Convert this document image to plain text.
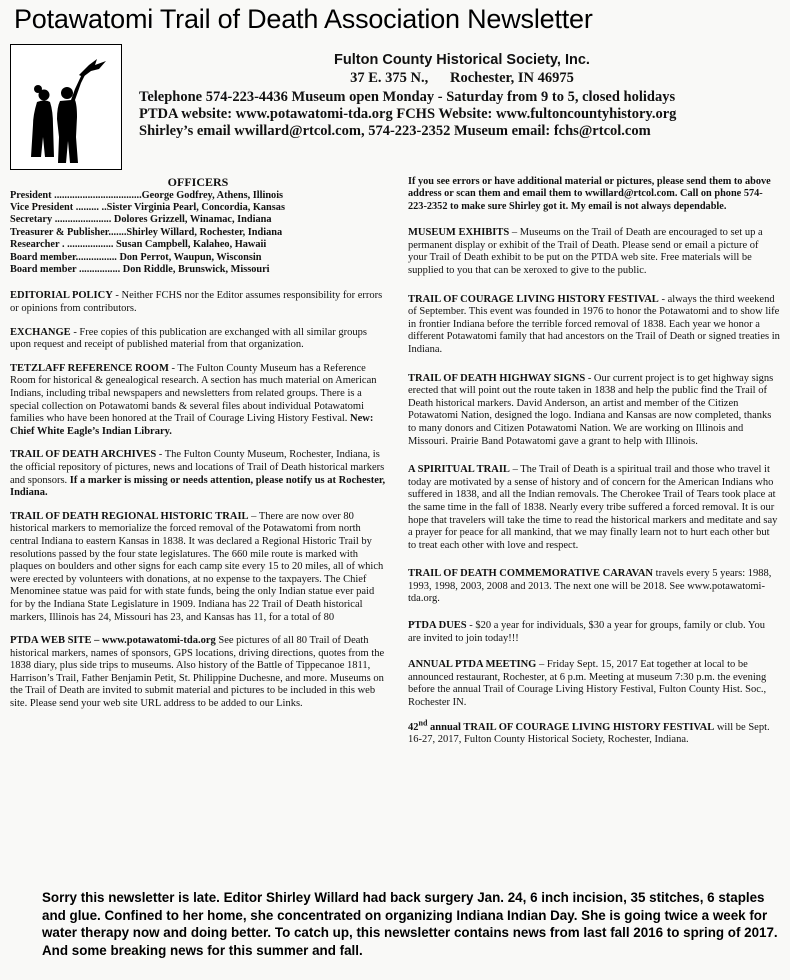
Potawatomi Trail of Death Association Newsletter
Fulton County Historical Society, Inc.
37 E. 375 N., Rochester, IN 46975
Telephone 574-223-4436 Museum open Monday - Saturday from 9 to 5, closed holidays
PTDA website: www.potawatomi-tda.org FCHS Website: www.fultoncountyhistory.org
Shirley’s email wwillard@rtcol.com, 574-223-2352 Museum email: fchs@rtcol.com
OFFICERS
President ..................................George Godfrey, Athens, Illinois
Vice President ......... ..Sister Virginia Pearl, Concordia, Kansas
Secretary ...................... Dolores Grizzell, Winamac, Indiana
Treasurer & Publisher.......Shirley Willard, Rochester, Indiana
Researcher . .................. Susan Campbell, Kalaheo, Hawaii
Board member................ Don Perrot, Waupun, Wisconsin
Board member ................ Don Riddle, Brunswick, Missouri
EDITORIAL POLICY - Neither FCHS nor the Editor assumes responsibility for errors or opinions from contributors.
EXCHANGE - Free copies of this publication are exchanged with all similar groups upon request and receipt of published material from that organization.
TETZLAFF REFERENCE ROOM - The Fulton County Museum has a Reference Room for historical & genealogical research. A section has much material on American Indians, including tribal newspapers and newsletters from related groups. There is a special collection on Potawatomi bands & several files about individual Potawatomi families who have been honored at the Trail of Courage Living History Festival. New: Chief White Eagle’s Indian Library.
TRAIL OF DEATH ARCHIVES - The Fulton County Museum, Rochester, Indiana, is the official repository of pictures, news and locations of Trail of Death historical markers and sponsors. If a marker is missing or needs attention, please notify us at Rochester, Indiana.
TRAIL OF DEATH REGIONAL HISTORIC TRAIL – There are now over 80 historical markers to memorialize the forced removal of the Potawatomi from north central Indiana to eastern Kansas in 1838. It was declared a Regional Historic Trail by resolutions passed by the four state legislatures. The 660 mile route is marked with plaques on boulders and other signs for each camp site every 15 to 20 miles, all of which were erected by volunteers with donations, at no expense to the taxpayers. The Chief Menominee statue was paid for with state funds, being the only Indian statue ever paid for by the Indiana State Legislature in 1909. Indiana has 22 Trail of Death historical markers, Illinois has 24, Missouri has 23, and Kansas has 11, for a total of 80
PTDA WEB SITE – www.potawatomi-tda.org See pictures of all 80 Trail of Death historical markers, names of sponsors, GPS locations, driving directions, quotes from the 1838 diary, plus side trips to museums. Also history of the Battle of Tippecanoe 1811, Harrison’s Trail, Father Benjamin Petit, St. Philippine Duchesne, and more. Museums on the Trail of Death are invited to submit material and pictures to be included in this web site. Please send your web site URL address to be added to our Links.
If you see errors or have additional material or pictures, please send them to above address or scan them and email them to wwillard@rtcol.com. Call on phone 574-223-2352 to make sure Shirley got it. My email is not always dependable.
MUSEUM EXHIBITS – Museums on the Trail of Death are encouraged to set up a permanent display or exhibit of the Trail of Death. Please send or email a picture of your Trail of Death exhibit to be put on the PTDA web site. Free materials will be supplied to you that can be xeroxed to give to the public.
TRAIL OF COURAGE LIVING HISTORY FESTIVAL - always the third weekend of September. This event was founded in 1976 to honor the Potawatomi and to show life in frontier Indiana before the terrible forced removal of 1838. Each year we honor a different Potawatomi family that had ancestors on the Trail of Death or signed treaties in Indiana.
TRAIL OF DEATH HIGHWAY SIGNS - Our current project is to get highway signs erected that will point out the route taken in 1838 and help the public find the Trail of Death historical markers. David Anderson, an artist and member of the Citizen Potawatomi Nation, designed the logo. Indiana and Kansas are now completed, thanks to many donors and Citizen Potawatomi Nation. We are working on Illinois and Missouri. Prairie Band Potawatomi gave a grant to help with Illinois.
A SPIRITUAL TRAIL – The Trail of Death is a spiritual trail and those who travel it today are motivated by a sense of history and of concern for the American Indians who suffered in 1838, and all the Indian removals. The Cherokee Trail of Tears took place at the same time in the fall of 1838. Nearly every tribe suffered a forced removal. It is our hope that travelers will take the time to read the historical markers and meditate and say a prayer for peace for all mankind, that we may finally learn not to hurt each other but to treat each other with love and respect.
TRAIL OF DEATH COMMEMORATIVE CARAVAN travels every 5 years: 1988, 1993, 1998, 2003, 2008 and 2013. The next one will be 2018. See www.potawatomi-tda.org.
PTDA DUES - $20 a year for individuals, $30 a year for groups, family or club. You are invited to join today!!!
ANNUAL PTDA MEETING – Friday Sept. 15, 2017 Eat together at local to be announced restaurant, Rochester, at 6 p.m. Meeting at museum 7:30 p.m. the evening before the annual Trail of Courage Living History Festival, Fulton County Hist. Soc., Rochester IN.
42nd annual TRAIL OF COURAGE LIVING HISTORY FESTIVAL will be Sept. 16-27, 2017, Fulton County Historical Society, Rochester, Indiana.
Sorry this newsletter is late. Editor Shirley Willard had back surgery Jan. 24, 6 inch incision, 35 stitches, 6 staples and glue. Confined to her home, she concentrated on organizing Indiana Indian Day. She is going twice a week for water therapy now and doing better. To catch up, this newsletter contains news from last fall 2016 to spring of 2017. And some breaking news for this summer and fall.
